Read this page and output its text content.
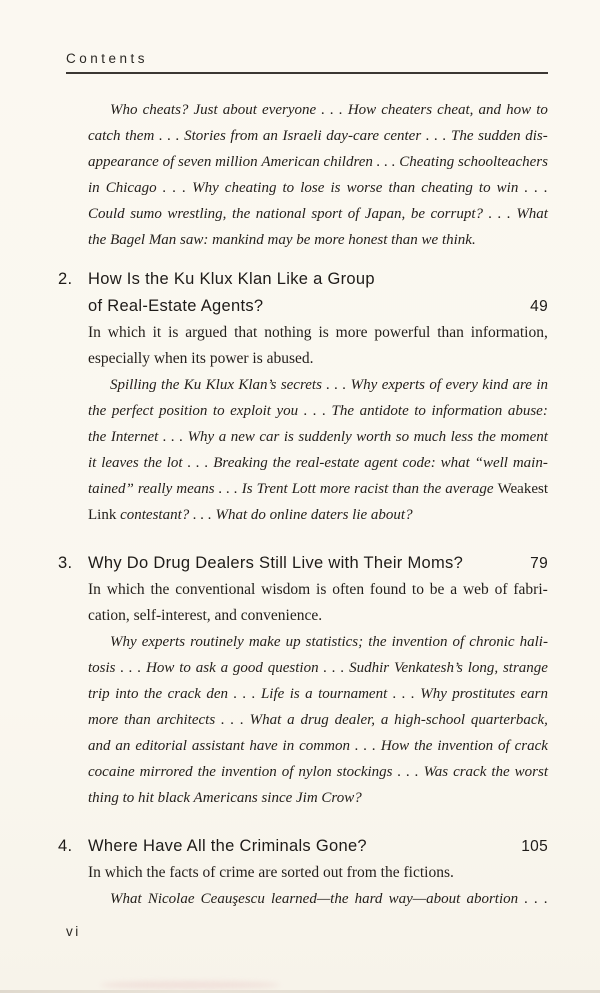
Contents
Who cheats? Just about everyone . . . How cheaters cheat, and how to
catch them . . . Stories from an Israeli day-care center . . . The sudden dis-
appearance of seven million American children . . . Cheating schoolteachers
in Chicago . . . Why cheating to lose is worse than cheating to win . . .
Could sumo wrestling, the national sport of Japan, be corrupt? . . . What
the Bagel Man saw: mankind may be more honest than we think.
2. How Is the Ku Klux Klan Like a Group
of Real-Estate Agents?	49
In which it is argued that nothing is more powerful than information,
especially when its power is abused.
Spilling the Ku Klux Klan’s secrets . . . Why experts of every kind are in
the perfect position to exploit you . . . The antidote to information abuse:
the Internet . . . Why a new car is suddenly worth so much less the moment
it leaves the lot . . . Breaking the real-estate agent code: what “well main-
tained” really means . . . Is Trent Lott more racist than the average Weakest
Link contestant? . . . What do online daters lie about?
3. Why Do Drug Dealers Still Live with Their Moms?	79
In which the conventional wisdom is often found to be a web of fabri-
cation, self-interest, and convenience.
Why experts routinely make up statistics; the invention of chronic hali-
tosis . . . How to ask a good question . . . Sudhir Venkatesh’s long, strange
trip into the crack den . . . Life is a tournament . . . Why prostitutes earn
more than architects . . . What a drug dealer, a high-school quarterback,
and an editorial assistant have in common . . . How the invention of crack
cocaine mirrored the invention of nylon stockings . . . Was crack the worst
thing to hit black Americans since Jim Crow?
4. Where Have All the Criminals Gone?	105
In which the facts of crime are sorted out from the fictions.
What Nicolae Ceauşescu learned—the hard way—about abortion . . .
vi
